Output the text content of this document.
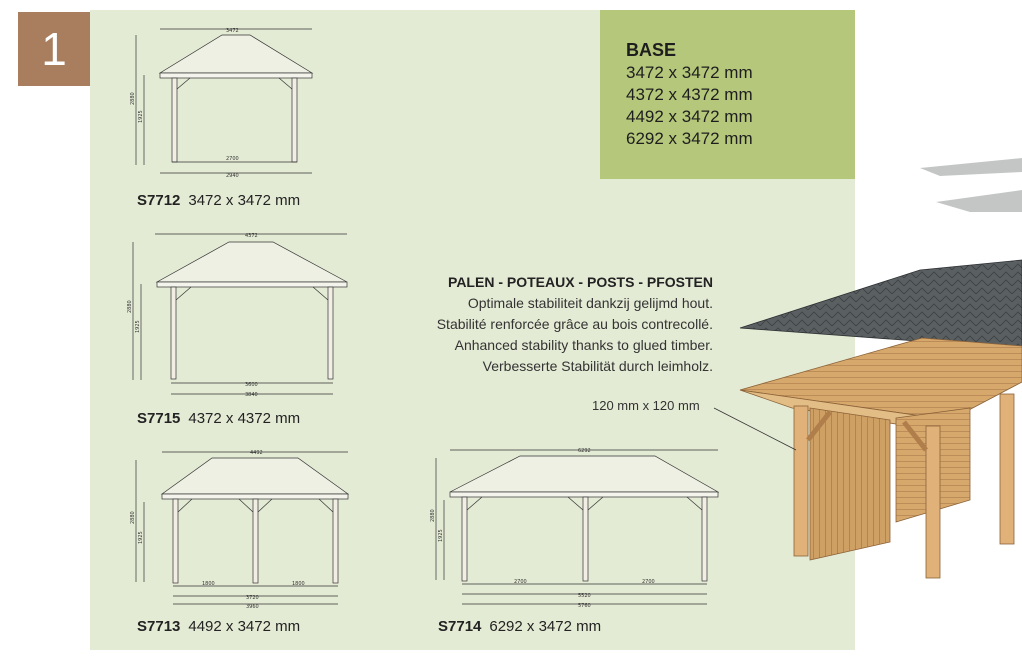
1	BASE
3472 x 3472 mm
4372 x 4372 mm
4492 x 3472 mm
6292 x 3472 mm
3472
2880
1925
2700
2940
S7712 3472 x 3472 mm
4372
2880
1925
3600
3840
S7715 4372 x 4372 mm
4492
2880
1925
1800	1800
3720
3960
S7713 4492 x 3472 mm
6292
2880
1925
2700	2700
5520
5760
S7714 6292 x 3472 mm
PALEN - POTEAUX - POSTS - PFOSTEN
Optimale stabiliteit dankzij gelijmd hout.
Stabilité renforcée grâce au bois contrecollé.
Anhanced stability thanks to glued timber.
Verbesserte Stabilität durch leimholz.
120 mm x 120 mm
